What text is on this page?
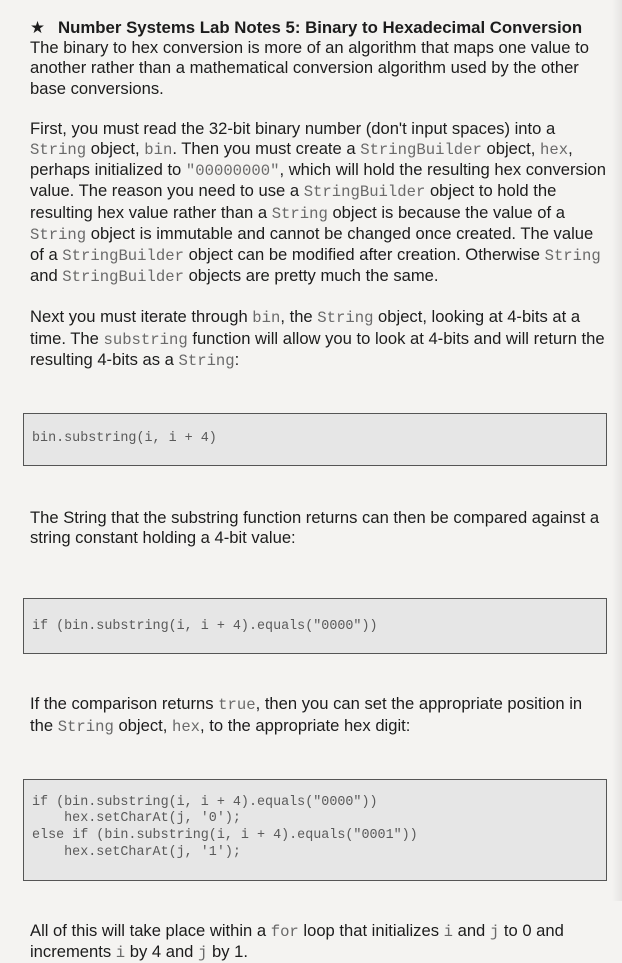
★ Number Systems Lab Notes 5: Binary to Hexadecimal Conversion

The binary to hex conversion is more of an algorithm that maps one value to another rather than a mathematical conversion algorithm used by the other base conversions.

First, you must read the 32-bit binary number (don't input spaces) into a String object, bin. Then you must create a StringBuilder object, hex, perhaps initialized to "00000000", which will hold the resulting hex conversion value. The reason you need to use a StringBuilder object to hold the resulting hex value rather than a String object is because the value of a String object is immutable and cannot be changed once created. The value of a StringBuilder object can be modified after creation. Otherwise String and StringBuilder objects are pretty much the same.

Next you must iterate through bin, the String object, looking at 4-bits at a time. The substring function will allow you to look at 4-bits and will return the resulting 4-bits as a String:

bin.substring(i, i + 4)

The String that the substring function returns can then be compared against a string constant holding a 4-bit value:

if (bin.substring(i, i + 4).equals("0000"))

If the comparison returns true, then you can set the appropriate position in the String object, hex, to the appropriate hex digit:

if (bin.substring(i, i + 4).equals("0000"))
hex.setCharAt(j, '0');
else if (bin.substring(i, i + 4).equals("0001"))
hex.setCharAt(j, '1');

All of this will take place within a for loop that initializes i and j to 0 and increments i by 4 and j by 1.
